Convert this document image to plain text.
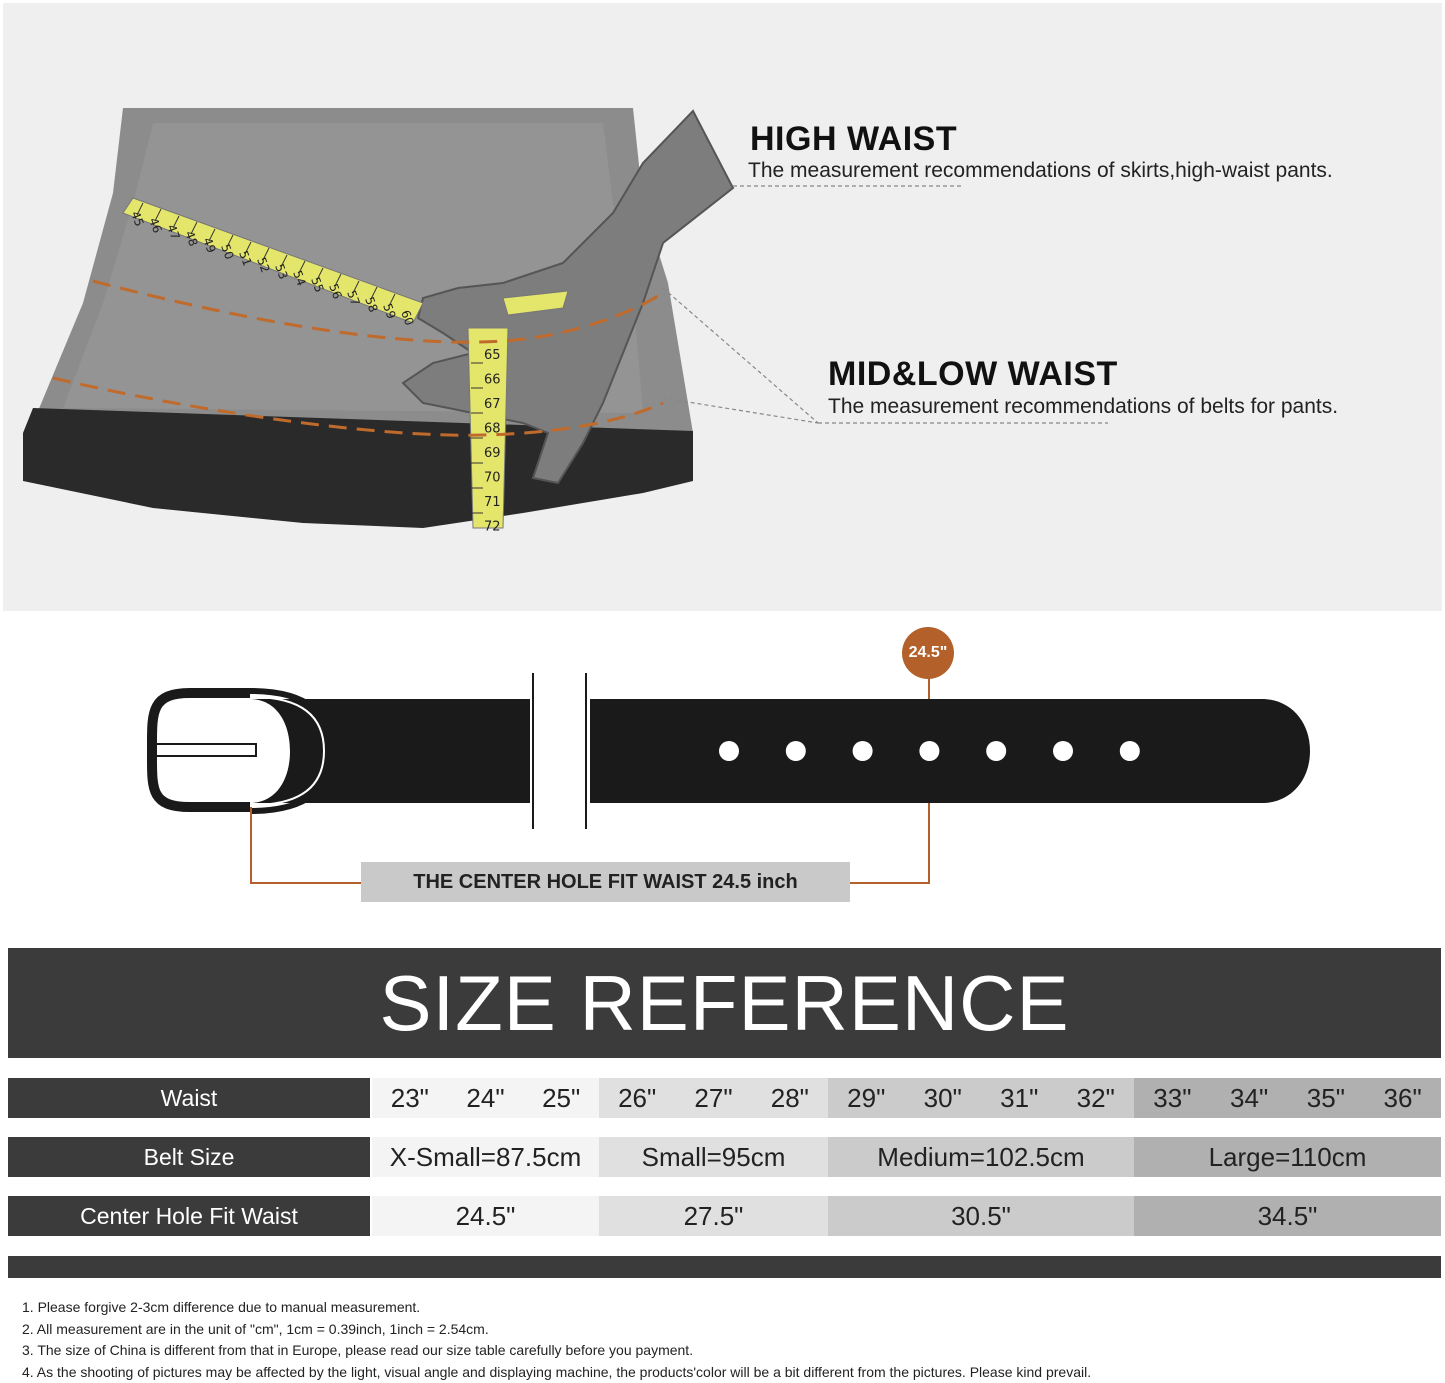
45 46 47 48 49 50 51 52 53 54 55 56 57 58 59 60
65
66
67
68
69
70
71
72
HIGH WAIST
The measurement recommendations of skirts,high-waist pants.
MID&LOW WAIST
The measurement recommendations of belts for pants.
24.5"
THE CENTER HOLE FIT WAIST 24.5 inch
SIZE REFERENCE
Waist	23" 24" 25" 26" 27" 28" 29" 30" 31" 32" 33" 34" 35" 36"
Belt Size	X-Small=87.5cm Small=95cm	Medium=102.5cm	Large=110cm
Center Hole Fit Waist	24.5"	27.5"	30.5"	34.5"
1. Please forgive 2-3cm difference due to manual measurement.
2. All measurement are in the unit of "cm", 1cm = 0.39inch, 1inch = 2.54cm.
3. The size of China is different from that in Europe, please read our size table carefully before you payment.
4. As the shooting of pictures may be affected by the light, visual angle and displaying machine, the products'color will be a bit different from the pictures. Please kind prevail.
